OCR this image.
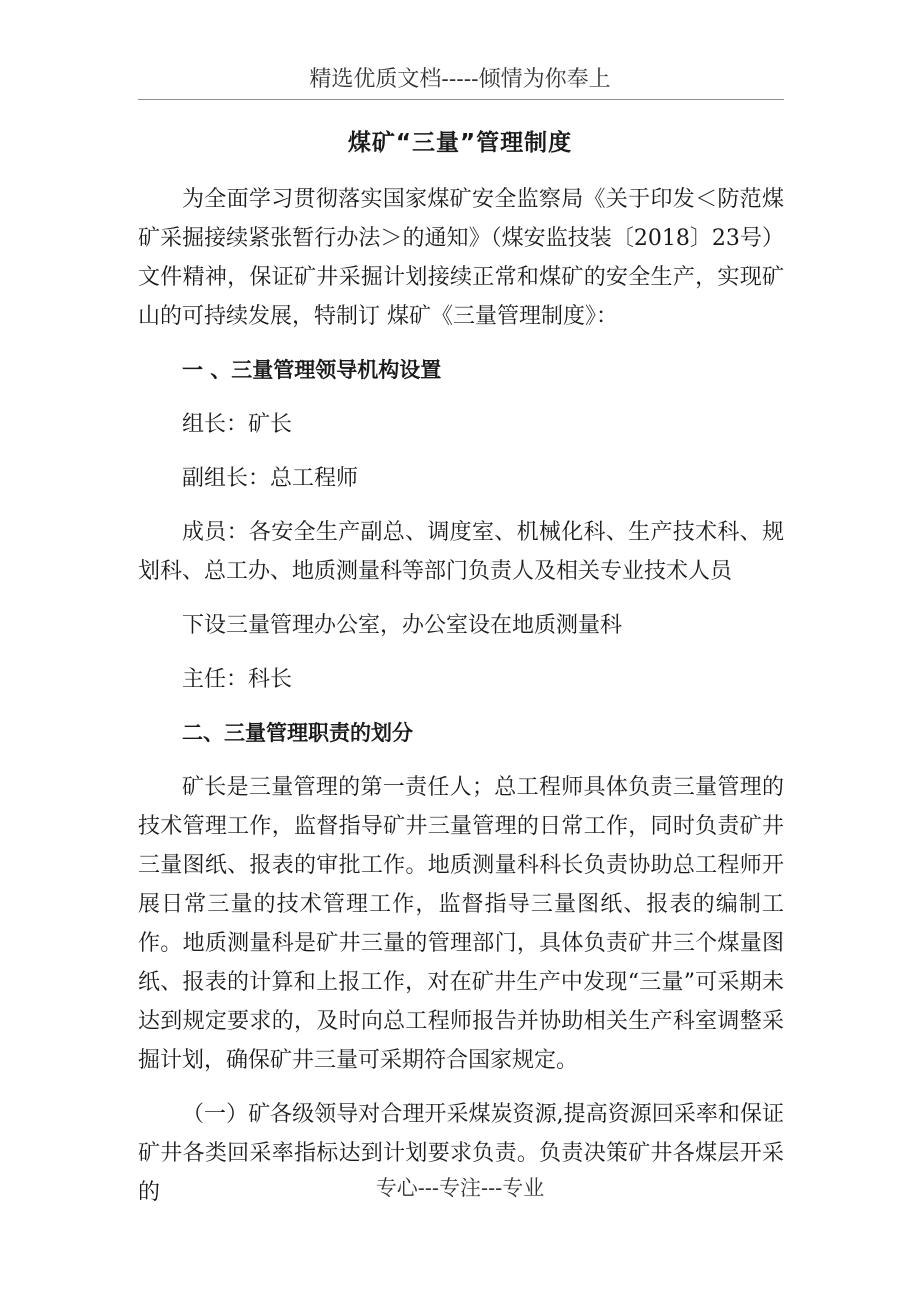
精选优质文档-----倾情为你奉上
煤矿“三量”管理制度

为全面学习贯彻落实国家煤矿安全监察局《关于印发＜防范煤矿采掘接续紧张暂行办法＞的通知》（煤安监技装〔2018〕23号）文件精神，保证矿井采掘计划接续正常和煤矿的安全生产，实现矿山的可持续发展，特制订 煤矿《三量管理制度》：

一 、三量管理领导机构设置

组长：矿长

副组长：总工程师

成员：各安全生产副总、调度室、机械化科、生产技术科、规划科、总工办、地质测量科等部门负责人及相关专业技术人员

下设三量管理办公室，办公室设在地质测量科

主任：科长

二、三量管理职责的划分

矿长是三量管理的第一责任人；总工程师具体负责三量管理的技术管理工作，监督指导矿井三量管理的日常工作，同时负责矿井三量图纸、报表的审批工作。地质测量科科长负责协助总工程师开展日常三量的技术管理工作，监督指导三量图纸、报表的编制工作。地质测量科是矿井三量的管理部门，具体负责矿井三个煤量图纸、报表的计算和上报工作，对在矿井生产中发现“三量”可采期未达到规定要求的，及时向总工程师报告并协助相关生产科室调整采掘计划，确保矿井三量可采期符合国家规定。

（一）矿各级领导对合理开采煤炭资源,提高资源回采率和保证矿井各类回采率指标达到计划要求负责。负责决策矿井各煤层开采的	专心---专注---专业
